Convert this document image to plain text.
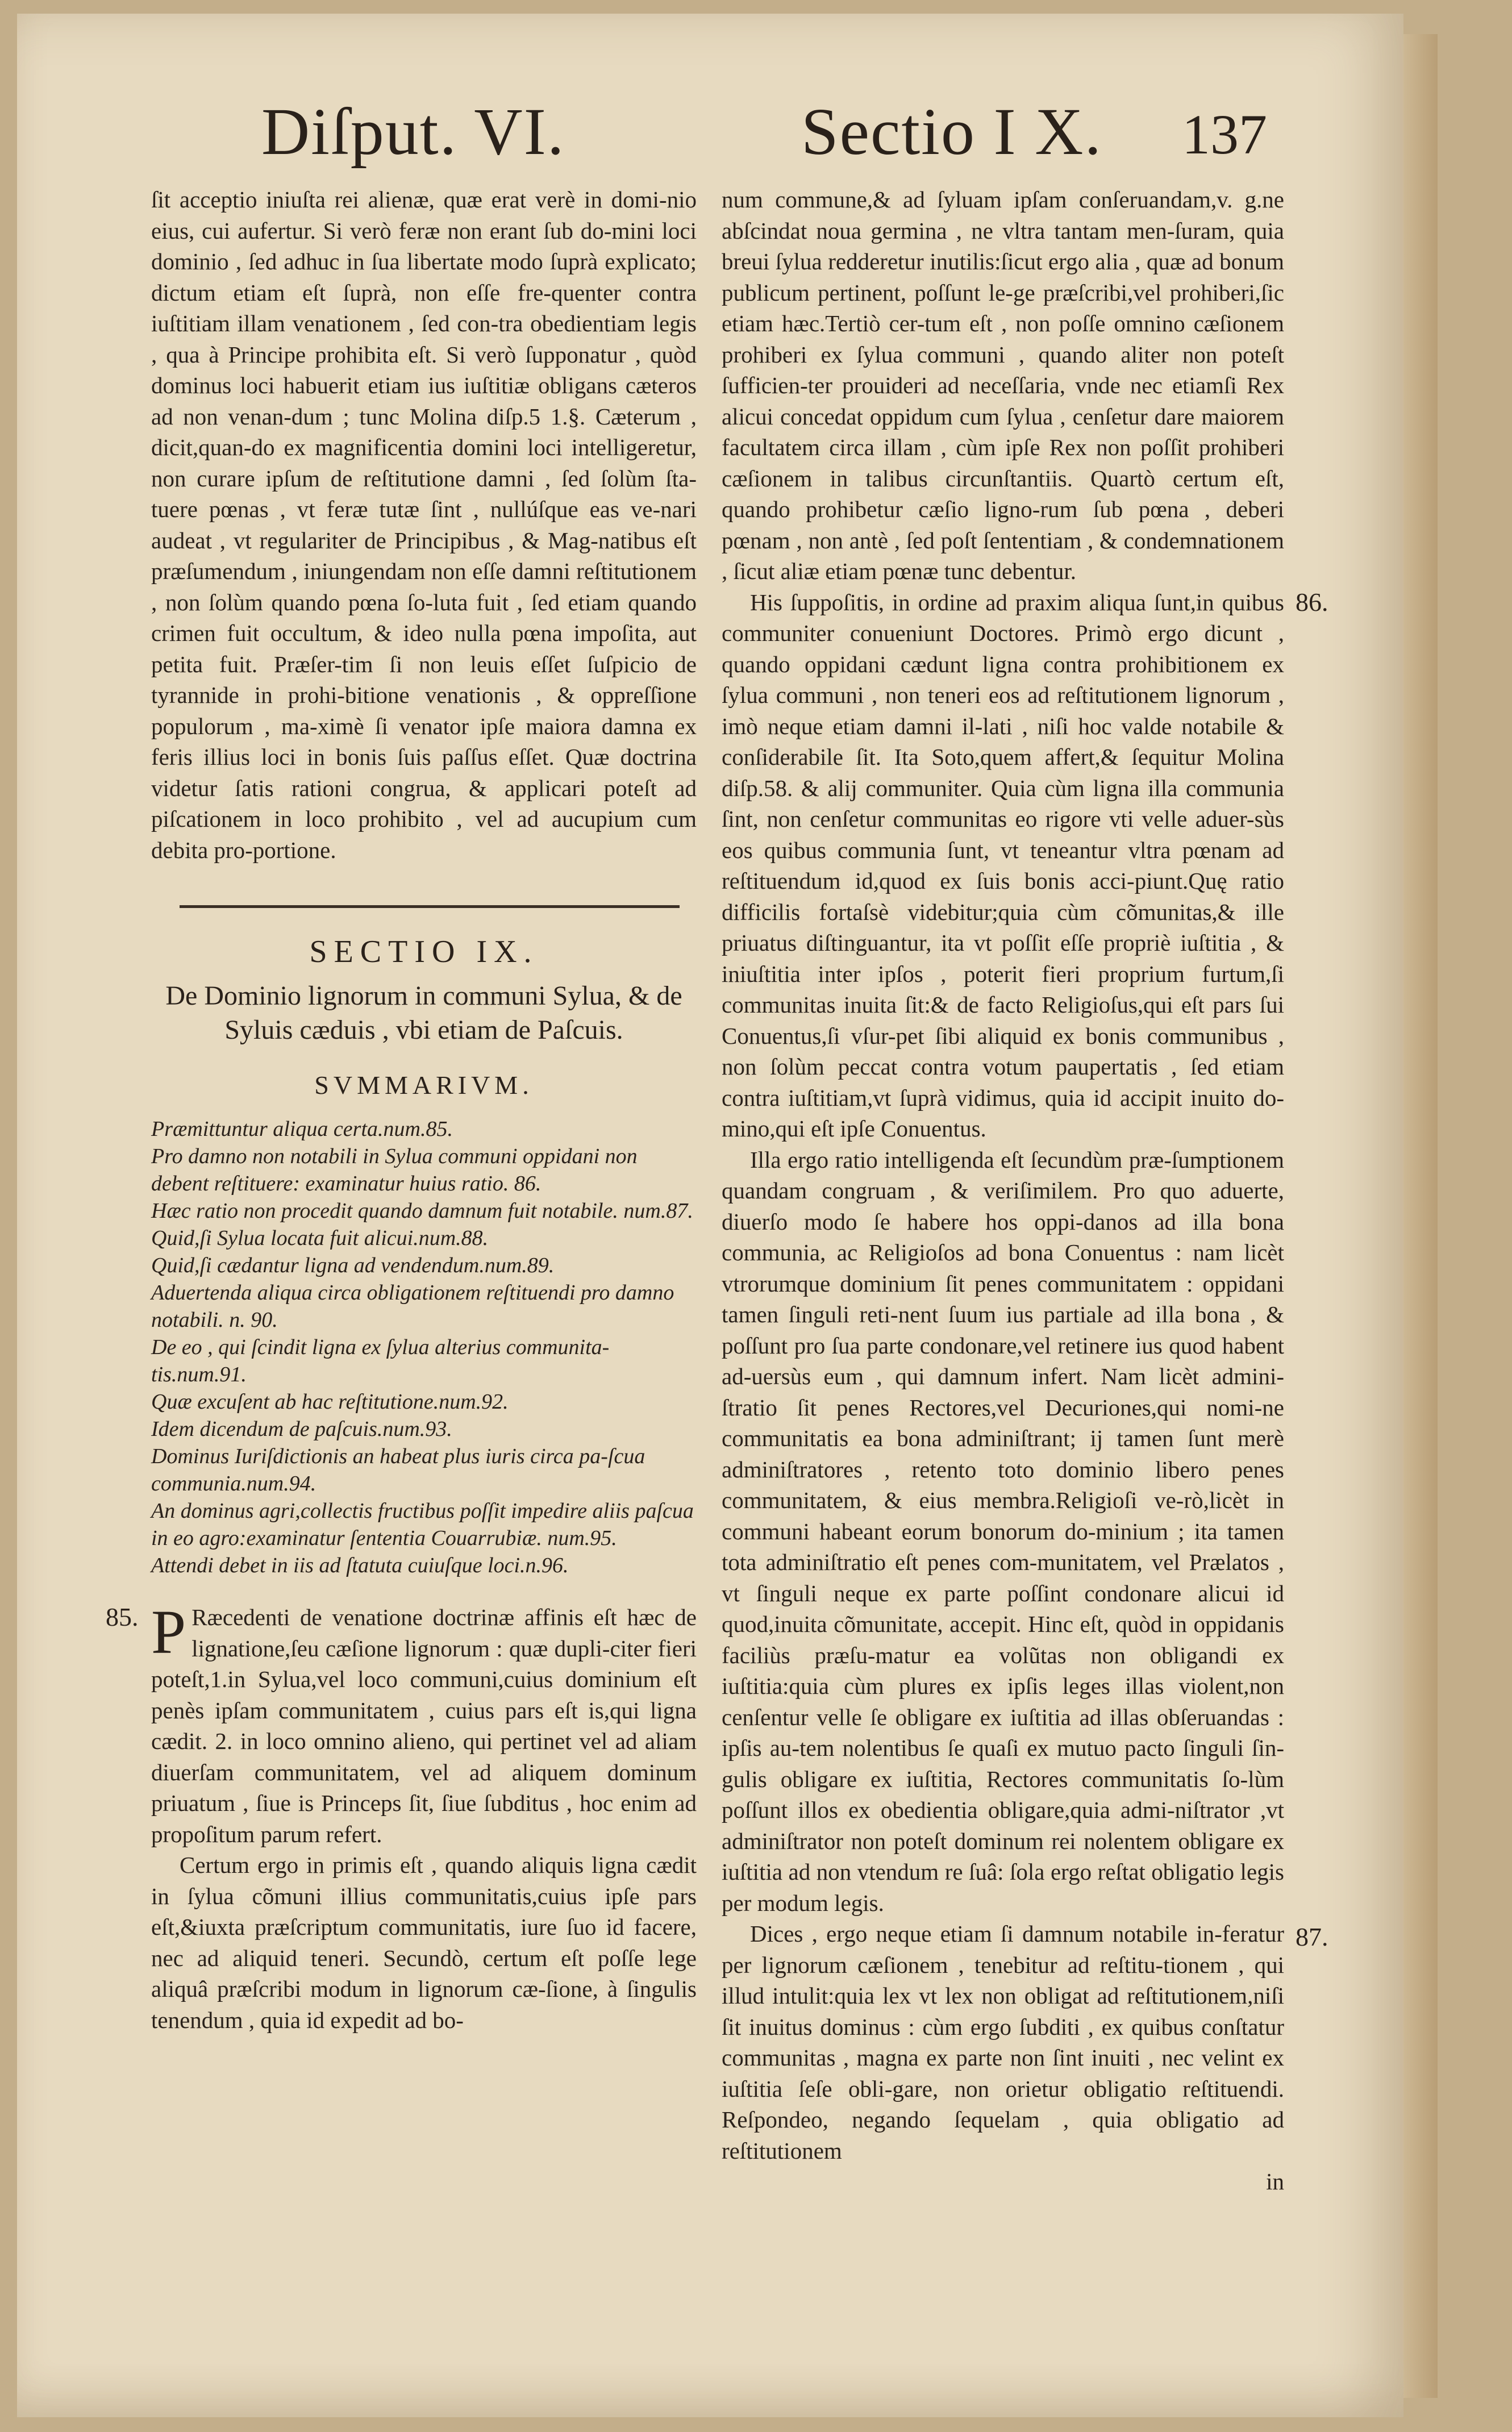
Diſput. VI.	Sectio I X. 137

ſit acceptio iniuſta rei alienæ, quæ erat verè in domi-nio eius, cui aufertur. Si verò feræ non erant ſub do-mini loci dominio , ſed adhuc in ſua libertate modo ſuprà explicato; dictum etiam eſt ſuprà, non eſſe fre-quenter contra iuſtitiam illam venationem , ſed con-tra obedientiam legis , qua à Principe prohibita eſt. Si verò ſupponatur , quòd dominus loci habuerit etiam ius iuſtitiæ obligans cæteros ad non venan-dum ; tunc Molina diſp.5 1.§. Cæterum , dicit,quan-do ex magnificentia domini loci intelligeretur, non curare ipſum de reſtitutione damni , ſed ſolùm ſta-tuere pœnas , vt feræ tutæ ſint , nullúſque eas ve-nari audeat , vt regulariter de Principibus , & Mag-natibus eſt præſumendum , iniungendam non eſſe damni reſtitutionem , non ſolùm quando pœna ſo-luta fuit , ſed etiam quando crimen fuit occultum, & ideo nulla pœna impoſita, aut petita fuit. Præſer-tim ſi non leuis eſſet ſuſpicio de tyrannide in prohi-bitione venationis , & oppreſſione populorum , ma-ximè ſi venator ipſe maiora damna ex feris illius loci in bonis ſuis paſſus eſſet. Quæ doctrina videtur ſatis rationi congrua, & applicari poteſt ad piſcationem in loco prohibito , vel ad aucupium cum debita pro-portione.

SECTIO IX.
De Dominio lignorum in communi Sylua, & de Syluis cæduis , vbi etiam de Paſcuis.
SVMMARIVM.

Præmittuntur aliqua certa.num.85.

Pro damno non notabili in Sylua communi oppidani non debent reſtituere: examinatur huius ratio. 86.

Hæc ratio non procedit quando damnum fuit notabile. num.87.

Quid,ſi Sylua locata fuit alicui.num.88.

Quid,ſi cædantur ligna ad vendendum.num.89.

Aduertenda aliqua circa obligationem reſtituendi pro damno notabili. n. 90.

De eo , qui ſcindit ligna ex ſylua alterius communita-tis.num.91.

Quæ excuſent ab hac reſtitutione.num.92.

Idem dicendum de paſcuis.num.93.

Dominus Iuriſdictionis an habeat plus iuris circa pa-ſcua communia.num.94.

An dominus agri,collectis fructibus poſſit impedire aliis paſcua in eo agro:examinatur ſententia Couarrubiæ. num.95.

Attendi debet in iis ad ſtatuta cuiuſque loci.n.96.

85. P Ræcedenti de venatione doctrinæ affinis eſt hæc de lignatione,ſeu cæſione lignorum : quæ dupli-citer fieri poteſt,1.in Sylua,vel loco communi,cuius dominium eſt penès ipſam communitatem , cuius pars eſt is,qui ligna cædit. 2. in loco omnino alieno, qui pertinet vel ad aliam diuerſam communitatem, vel ad aliquem dominum priuatum , ſiue is Princeps ſit, ſiue ſubditus , hoc enim ad propoſitum parum refert.

Certum ergo in primis eſt , quando aliquis ligna cædit in ſylua cõmuni illius communitatis,cuius ipſe pars eſt,&iuxta præſcriptum communitatis, iure ſuo id facere, nec ad aliquid teneri. Secundò, certum eſt poſſe lege aliquâ præſcribi modum in lignorum cæ-ſione, à ſingulis tenendum , quia id expedit ad bo-

num commune,& ad ſyluam ipſam conſeruandam,v. g.ne abſcindat noua germina , ne vltra tantam men-ſuram, quia breui ſylua redderetur inutilis:ſicut ergo alia , quæ ad bonum publicum pertinent, poſſunt le-ge præſcribi,vel prohiberi,ſic etiam hæc.Tertiò cer-tum eſt , non poſſe omnino cæſionem prohiberi ex ſylua communi , quando aliter non poteſt ſufficien-ter prouideri ad neceſſaria, vnde nec etiamſi Rex alicui concedat oppidum cum ſylua , cenſetur dare maiorem facultatem circa illam , cùm ipſe Rex non poſſit prohiberi cæſionem in talibus circunſtantiis. Quartò certum eſt, quando prohibetur cæſio ligno-rum ſub pœna , deberi pœnam , non antè , ſed poſt ſententiam , & condemnationem , ſicut aliæ etiam pœnæ tunc debentur.

86.

His ſuppoſitis, in ordine ad praxim aliqua ſunt,in quibus communiter conueniunt Doctores. Primò ergo dicunt , quando oppidani cædunt ligna contra prohibitionem ex ſylua communi , non teneri eos ad reſtitutionem lignorum , imò neque etiam damni il-lati , niſi hoc valde notabile & conſiderabile ſit. Ita Soto,quem affert,& ſequitur Molina diſp.58. & alij communiter. Quia cùm ligna illa communia ſint, non cenſetur communitas eo rigore vti velle aduer-sùs eos quibus communia ſunt, vt teneantur vltra pœnam ad reſtituendum id,quod ex ſuis bonis acci-piunt.Quę ratio difficilis fortaſsè videbitur;quia cùm cõmunitas,& ille priuatus diſtinguantur, ita vt poſſit eſſe propriè iuſtitia , & iniuſtitia inter ipſos , poterit fieri proprium furtum,ſi communitas inuita ſit:& de facto Religioſus,qui eſt pars ſui Conuentus,ſi vſur-pet ſibi aliquid ex bonis communibus , non ſolùm peccat contra votum paupertatis , ſed etiam contra iuſtitiam,vt ſuprà vidimus, quia id accipit inuito do-mino,qui eſt ipſe Conuentus.

Illa ergo ratio intelligenda eſt ſecundùm præ-ſumptionem quandam congruam , & veriſimilem. Pro quo aduerte, diuerſo modo ſe habere hos oppi-danos ad illa bona communia, ac Religioſos ad bona Conuentus : nam licèt vtrorumque dominium ſit penes communitatem : oppidani tamen ſinguli reti-nent ſuum ius partiale ad illa bona , & poſſunt pro ſua parte condonare,vel retinere ius quod habent ad-uersùs eum , qui damnum infert. Nam licèt admini-ſtratio ſit penes Rectores,vel Decuriones,qui nomi-ne communitatis ea bona adminiſtrant; ij tamen ſunt merè adminiſtratores , retento toto dominio libero penes communitatem, & eius membra.Religioſi ve-rò,licèt in communi habeant eorum bonorum do-minium ; ita tamen tota adminiſtratio eſt penes com-munitatem, vel Prælatos , vt ſinguli neque ex parte poſſint condonare alicui id quod,inuita cõmunitate, accepit. Hinc eſt, quòd in oppidanis faciliùs præſu-matur ea volũtas non obligandi ex iuſtitia:quia cùm plures ex ipſis leges illas violent,non cenſentur velle ſe obligare ex iuſtitia ad illas obſeruandas : ipſis au-tem nolentibus ſe quaſi ex mutuo pacto ſinguli ſin-gulis obligare ex iuſtitia, Rectores communitatis ſo-lùm poſſunt illos ex obedientia obligare,quia admi-niſtrator ,vt adminiſtrator non poteſt dominum rei nolentem obligare ex iuſtitia ad non vtendum re ſuâ: ſola ergo reſtat obligatio legis per modum legis.

87.

Dices , ergo neque etiam ſi damnum notabile in-feratur per lignorum cæſionem , tenebitur ad reſtitu-tionem , qui illud intulit:quia lex vt lex non obligat ad reſtitutionem,niſi ſit inuitus dominus : cùm ergo ſubditi , ex quibus conſtatur communitas , magna ex parte non ſint inuiti , nec velint ex iuſtitia ſeſe obli-gare, non orietur obligatio reſtituendi. Reſpondeo, negando ſequelam , quia obligatio ad reſtitutionem

in
